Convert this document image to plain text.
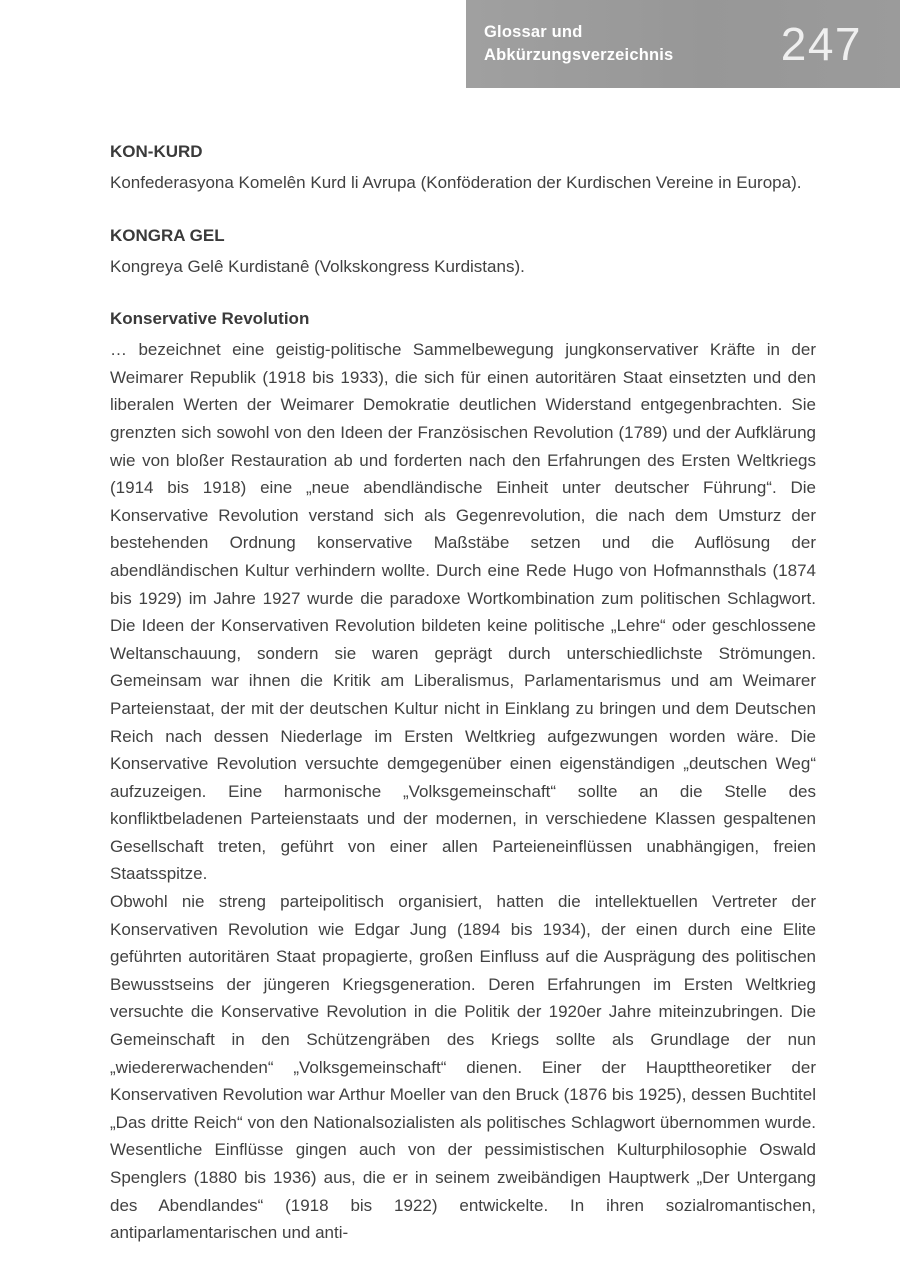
Glossar und
Abkürzungsverzeichnis 247
KON-KURD

Konfederasyona Komelên Kurd li Avrupa (Konföderation der Kurdischen Vereine in Europa).

KONGRA GEL

Kongreya Gelê Kurdistanê (Volkskongress Kurdistans).

Konservative Revolution

… bezeichnet eine geistig-politische Sammelbewegung jungkonservativer Kräfte in der Weimarer Republik (1918 bis 1933), die sich für einen autoritären Staat einsetzten und den liberalen Werten der Weimarer Demokratie deutlichen Widerstand entgegenbrachten. Sie grenzten sich sowohl von den Ideen der Französischen Revolution (1789) und der Aufklärung wie von bloßer Restauration ab und forderten nach den Erfahrungen des Ersten Weltkriegs (1914 bis 1918) eine „neue abendländische Einheit unter deutscher Führung“. Die Konservative Revolution verstand sich als Gegenrevolution, die nach dem Umsturz der bestehenden Ordnung konservative Maßstäbe setzen und die Auflösung der abendländischen Kultur verhindern wollte. Durch eine Rede Hugo von Hofmannsthals (1874 bis 1929) im Jahre 1927 wurde die paradoxe Wortkombination zum politischen Schlagwort. Die Ideen der Konservativen Revolution bildeten keine politische „Lehre“ oder geschlossene Weltanschauung, sondern sie waren geprägt durch unterschiedlichste Strömungen. Gemeinsam war ihnen die Kritik am Liberalismus, Parlamentarismus und am Weimarer Parteienstaat, der mit der deutschen Kultur nicht in Einklang zu bringen und dem Deutschen Reich nach dessen Niederlage im Ersten Weltkrieg aufgezwungen worden wäre. Die Konservative Revolution versuchte demgegenüber einen eigenständigen „deutschen Weg“ aufzuzeigen. Eine harmonische „Volksgemeinschaft“ sollte an die Stelle des konfliktbeladenen Parteienstaats und der modernen, in verschiedene Klassen gespaltenen Gesellschaft treten, geführt von einer allen Parteieneinflüssen unabhängigen, freien Staatsspitze.

Obwohl nie streng parteipolitisch organisiert, hatten die intellektuellen Vertreter der Konservativen Revolution wie Edgar Jung (1894 bis 1934), der einen durch eine Elite geführten autoritären Staat propagierte, großen Einfluss auf die Ausprägung des politischen Bewusstseins der jüngeren Kriegsgeneration. Deren Erfahrungen im Ersten Weltkrieg versuchte die Konservative Revolution in die Politik der 1920er Jahre miteinzubringen. Die Gemeinschaft in den Schützengräben des Kriegs sollte als Grundlage der nun „wiedererwachenden“ „Volksgemeinschaft“ dienen. Einer der Haupttheoretiker der Konservativen Revolution war Arthur Moeller van den Bruck (1876 bis 1925), dessen Buchtitel „Das dritte Reich“ von den Nationalsozialisten als politisches Schlagwort übernommen wurde. Wesentliche Einflüsse gingen auch von der pessimistischen Kulturphilosophie Oswald Spenglers (1880 bis 1936) aus, die er in seinem zweibändigen Hauptwerk „Der Untergang des Abendlandes“ (1918 bis 1922) entwickelte. In ihren sozialromantischen, antiparlamentarischen und anti-
